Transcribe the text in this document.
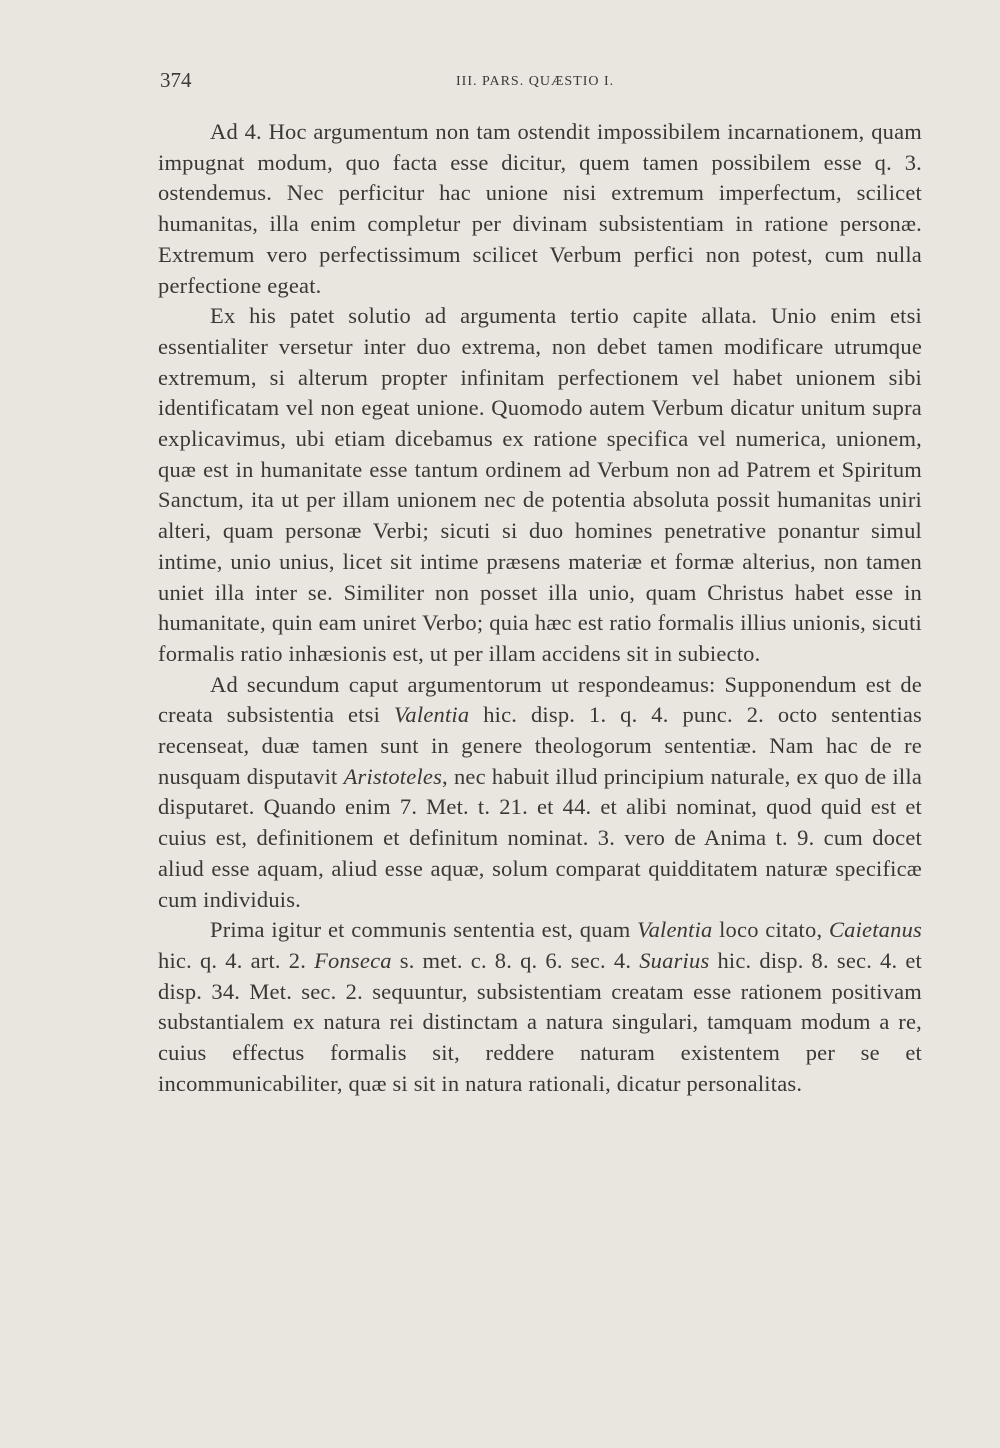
374	III. PARS. QUÆSTIO I.

Ad 4. Hoc argumentum non tam ostendit impossibilem incarnationem, quam impugnat modum, quo facta esse dicitur, quem tamen possibilem esse q. 3. ostendemus. Nec perficitur hac unione nisi extremum imperfectum, scilicet humanitas, illa enim completur per divinam subsistentiam in ratione personæ. Extremum vero perfectissimum scilicet Verbum perfici non potest, cum nulla perfectione egeat.

Ex his patet solutio ad argumenta tertio capite allata. Unio enim etsi essentialiter versetur inter duo extrema, non debet tamen modificare utrumque extremum, si alterum propter infinitam perfectionem vel habet unionem sibi identificatam vel non egeat unione. Quomodo autem Verbum dicatur unitum supra explicavimus, ubi etiam dicebamus ex ratione specifica vel numerica, unionem, quæ est in humanitate esse tantum ordinem ad Verbum non ad Patrem et Spiritum Sanctum, ita ut per illam unionem nec de potentia absoluta possit humanitas uniri alteri, quam personæ Verbi; sicuti si duo homines penetrative ponantur simul intime, unio unius, licet sit intime præsens materiæ et formæ alterius, non tamen uniet illa inter se. Similiter non posset illa unio, quam Christus habet esse in humanitate, quin eam uniret Verbo; quia hæc est ratio formalis illius unionis, sicuti formalis ratio inhæsionis est, ut per illam accidens sit in subiecto.

Ad secundum caput argumentorum ut respondeamus: Supponendum est de creata subsistentia etsi Valentia hic. disp. 1. q. 4. punc. 2. octo sententias recenseat, duæ tamen sunt in genere theologorum sententiæ. Nam hac de re nusquam disputavit Aristoteles, nec habuit illud principium naturale, ex quo de illa disputaret. Quando enim 7. Met. t. 21. et 44. et alibi nominat, quod quid est et cuius est, definitionem et definitum nominat. 3. vero de Anima t. 9. cum docet aliud esse aquam, aliud esse aquæ, solum comparat quidditatem naturæ specificæ cum individuis.

Prima igitur et communis sententia est, quam Valentia loco citato, Caietanus hic. q. 4. art. 2. Fonseca s. met. c. 8. q. 6. sec. 4. Suarius hic. disp. 8. sec. 4. et disp. 34. Met. sec. 2. sequuntur, subsistentiam creatam esse rationem positivam substantialem ex natura rei distinctam a natura singulari, tamquam modum a re, cuius effectus formalis sit, reddere naturam existentem per se et incommunicabiliter, quæ si sit in natura rationali, dicatur personalitas.
